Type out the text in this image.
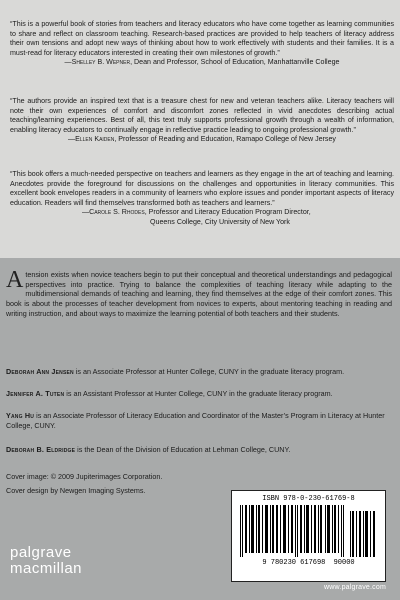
“This is a powerful book of stories from teachers and literacy educators who have come together as learning communities to share and reflect on classroom teaching. Research-based practices are provided to help teachers of literacy address their own tensions and adopt new ways of thinking about how to work effectively with students and their families. It is a must-read for literacy educators interested in creating their own milestones of growth.”

—Shelley B. Wepner, Dean and Professor, School of Education, Manhattanville College

“The authors provide an inspired text that is a treasure chest for new and veteran teachers alike. Literacy teachers will note their own experiences of comfort and discomfort zones reflected in vivid anecdotes describing actual teaching/learning experiences. Best of all, this text truly supports professional growth through a wealth of information, enabling literacy educators to continually engage in reflective practice leading to ongoing professional growth.”

—Ellen Kaiden, Professor of Reading and Education, Ramapo College of New Jersey

“This book offers a much-needed perspective on teachers and learners as they engage in the art of teaching and learning. Anecdotes provide the foreground for discussions on the challenges and opportunities in literacy communities. This excellent book envelopes readers in a community of learners who explore issues and ponder important aspects of literacy education. Readers will find themselves transformed both as teachers and learners.”

—Carole S. Rhodes, Professor and Literacy Education Program Director,
Queens College, City University of New York
A tension exists when novice teachers begin to put their conceptual and theoretical understandings and pedagogical perspectives into practice. Trying to balance the complexities of teaching literacy while adapting to the multidimensional demands of teaching and learning, they find themselves at the edge of their comfort zones. This book is about the processes of teacher development from novices to experts, about mentoring teaching in reading and writing instruction, and about ways to maximize the learning potential of both teachers and their students.
Deborah Ann Jensen is an Associate Professor at Hunter College, CUNY in the graduate literacy program.
Jennifer A. Tuten is an Assistant Professor at Hunter College, CUNY in the graduate literacy program.
Yang Hu is an Associate Professor of Literacy Education and Coordinator of the Master’s Program in Literacy at Hunter College, CUNY.
Deborah B. Eldridge is the Dean of the Division of Education at Lehman College, CUNY.
Cover image: © 2009 Jupiterimages Corporation.
Cover design by Newgen Imaging Systems.
palgrave
macmillan
ISBN 978-0-230-61769-8
9 780230 617698 90000
www.palgrave.com
